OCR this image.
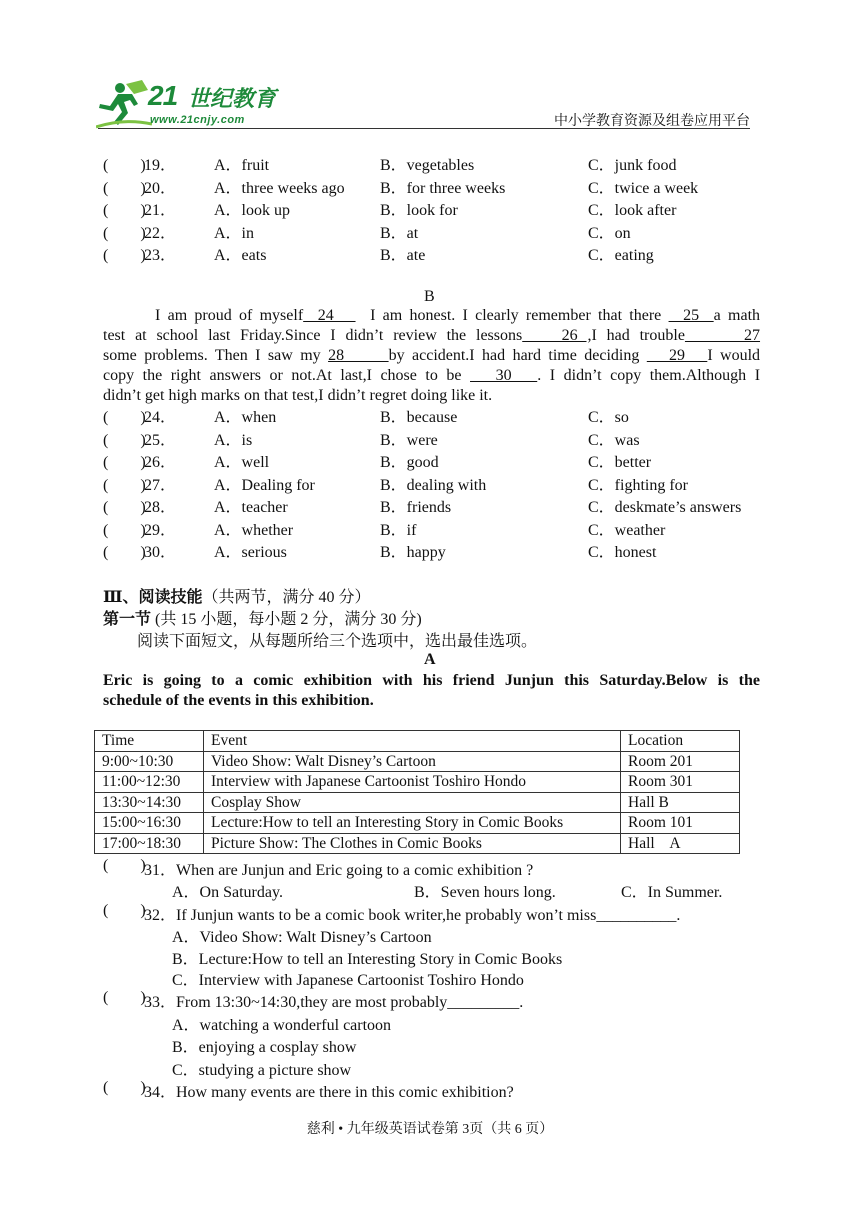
21 世纪教育
www.21cnjy.com	中小学教育资源及组卷应用平台
(        )
19． A．fruit	B．vegetables	C．junk food
(        )
20． A．three weeks ago B．for three weeks	C．twice a week
(        )
21． A．look up	B．look for	C．look after
(        )
22． A．in	B．at	C．on
(        )
23． A．eats	B．ate	C．eating
B
I am proud of myself  24     I am honest. I clearly remember that there   25  a math
test at school last Friday.Since I didn’t review the lessons    26 ,I had trouble      27
some problems. Then I saw my 28      by accident.I had hard time deciding    29   I would
copy the right answers or not.At last,I chose to be    30   . I didn’t copy them.Although I
didn’t get high marks on that test,I didn’t regret doing like it.
(        )
24． A．when	B．because	C．so
(        )
25． A．is	B．were	C．was
(        )
26． A．well	B．good	C．better
(        )
27． A．Dealing for	B．dealing with	C．fighting for
(        )
28． A．teacher	B．friends	C．deskmate’s answers
(        )
29． A．whether	B．if	C．weather
(        )
30． A．serious	B．happy	C．honest
Ⅲ、阅读技能（共两节，满分 40 分）
第一节 (共 15 小题，每小题 2 分，满分 30 分)
阅读下面短文，从每题所给三个选项中，选出最佳选项。
A
Eric is going to a comic exhibition with his friend Junjun this Saturday.Below is the
schedule of the events in this exhibition.
Time	Event	Location
9:00~10:30	Video Show: Walt Disney’s Cartoon	Room 201
11:00~12:30	Interview with Japanese Cartoonist Toshiro Hondo	Room 301
13:30~14:30	Cosplay Show	Hall B
15:00~16:30	Lecture:How to tell an Interesting Story in Comic Books	Room 101
17:00~18:30	Picture Show: The Clothes in Comic Books	Hall    A
(        )
31．When are Junjun and Eric going to a comic exhibition ?
A．On Saturday.	B．Seven hours long.	C．In Summer.
(        )
32．If Junjun wants to be a comic book writer,he probably won’t miss__________.
A．Video Show: Walt Disney’s Cartoon
B．Lecture:How to tell an Interesting Story in Comic Books
C．Interview with Japanese Cartoonist Toshiro Hondo
(        )
33．From 13:30~14:30,they are most probably_________.
A．watching a wonderful cartoon
B．enjoying a cosplay show
C．studying a picture show
(        )
34．How many events are there in this comic exhibition?
慈利 • 九年级英语试卷第 3页（共 6 页）
